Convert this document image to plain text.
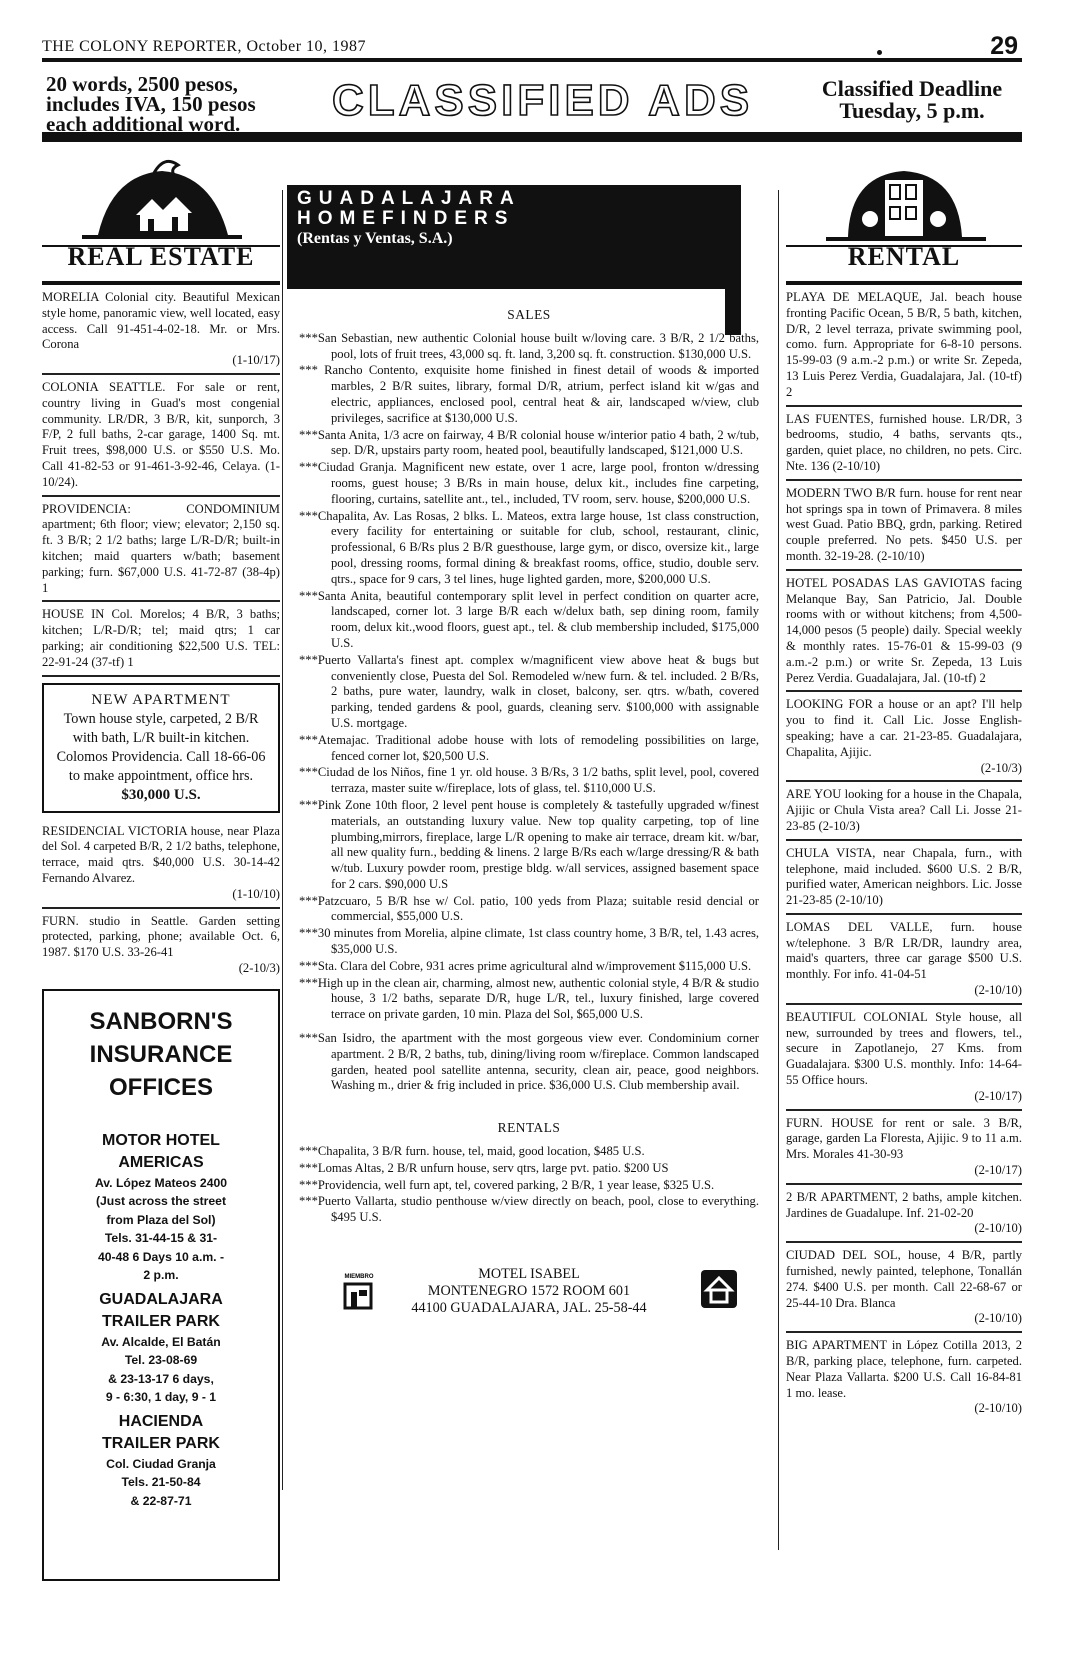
THE COLONY REPORTER, October 10, 1987	29
20 words, 2500 pesos,
includes IVA, 150 pesos
each additional word.	CLASSIFIED ADS	Classified Deadline
Tuesday, 5 p.m.
REAL ESTATE
MORELIA Colonial city. Beautiful Mexican style home, panoramic view, well located, easy access. Call 91-451-4-02-18. Mr. or Mrs. Corona
(1-10/17)
COLONIA SEATTLE. For sale or rent, country living in Guad's most congenial community. LR/DR, 3 B/R, kit, sunporch, 3 F/P, 2 full baths, 2-car garage, 1400 Sq. mt. Fruit trees, $98,000 U.S. or $550 U.S. Mo. Call 41-82-53 or 91-461-3-92-46, Celaya. (1-10/24).
PROVIDENCIA: CONDOMINIUM apartment; 6th floor; view; elevator; 2,150 sq. ft. 3 B/R; 2 1/2 baths; large L/R-D/R; built-in kitchen; maid quarters w/bath; basement parking; furn. $67,000 U.S. 41-72-87 (38-4p) 1
HOUSE IN Col. Morelos; 4 B/R, 3 baths; kitchen; L/R-D/R; tel; maid qtrs; 1 car parking; air conditioning $22,500 U.S. TEL: 22-91-24 (37-tf) 1
NEW APARTMENT
Town house style, carpeted, 2 B/R with bath, L/R built-in kitchen. Colomos Providencia. Call 18-66-06 to make appointment, office hrs.
$30,000 U.S.
RESIDENCIAL VICTORIA house, near Plaza del Sol. 4 carpeted B/R, 2 1/2 baths, telephone, terrace, maid qtrs. $40,000 U.S. 30-14-42 Fernando Alvarez.
(1-10/10)
FURN. studio in Seattle. Garden setting protected, parking, phone; available Oct. 6, 1987. $170 U.S. 33-26-41
(2-10/3)
SANBORN'S
INSURANCE
OFFICES
MOTOR HOTEL
AMERICAS
Av. López Mateos 2400
(Just across the street
from Plaza del Sol)
Tels. 31-44-15 & 31-
40-48 6 Days 10 a.m. -
2 p.m.
GUADALAJARA
TRAILER PARK
Av. Alcalde, El Batán
Tel. 23-08-69
& 23-13-17 6 days,
9 - 6:30, 1 day, 9 - 1
HACIENDA
TRAILER PARK
Col. Ciudad Granja
Tels. 21-50-84
& 22-87-71
GUADALAJARA
HOMEFINDERS
(Rentas y Ventas, S.A.)
SALES
***San Sebastian, new authentic Colonial house built w/loving care. 3 B/R, 2 1/2 baths, pool, lots of fruit trees, 43,000 sq. ft. land, 3,200 sq. ft. construction. $130,000 U.S.
*** Rancho Contento, exquisite home finished in finest detail of woods & imported marbles, 2 B/R suites, library, formal D/R, atrium, perfect island kit w/gas and electric, appliances, enclosed pool, central heat & air, landscaped w/view, club privileges, sacrifice at $130,000 U.S.
***Santa Anita, 1/3 acre on fairway, 4 B/R colonial house w/interior patio 4 bath, 2 w/tub, sep. D/R, upstairs party room, heated pool, beautifully landscaped, $121,000 U.S.
***Ciudad Granja. Magnificent new estate, over 1 acre, large pool, fronton w/dressing rooms, guest house; 3 B/Rs in main house, delux kit., includes fine carpeting, flooring, curtains, satellite ant., tel., included, TV room, serv. house, $200,000 U.S.
***Chapalita, Av. Las Rosas, 2 blks. L. Mateos, extra large house, 1st class construction, every facility for entertaining or suitable for club, school, restaurant, clinic, professional, 6 B/Rs plus 2 B/R guesthouse, large gym, or disco, oversize kit., large pool, dressing rooms, formal dining & breakfast rooms, office, studio, double serv. qtrs., space for 9 cars, 3 tel lines, huge lighted garden, more, $200,000 U.S.
***Santa Anita, beautiful contemporary split level in perfect condition on quarter acre, landscaped, corner lot. 3 large B/R each w/delux bath, sep dining room, family room, delux kit.,wood floors, guest apt., tel. & club membership included, $175,000 U.S.
***Puerto Vallarta's finest apt. complex w/magnificent view above heat & bugs but conveniently close, Puesta del Sol. Remodeled w/new furn. & tel. included. 2 B/Rs, 2 baths, pure water, laundry, walk in closet, balcony, ser. qtrs. w/bath, covered parking, tended gardens & pool, guards, cleaning serv. $100,000 with assignable U.S. mortgage.
***Atemajac. Traditional adobe house with lots of remodeling possibilities on large, fenced corner lot, $20,500 U.S.
***Ciudad de los Niños, fine 1 yr. old house. 3 B/Rs, 3 1/2 baths, split level, pool, covered terraza, master suite w/fireplace, lots of glass, tel. $110,000 U.S.
***Pink Zone 10th floor, 2 level pent house is completely & tastefully upgraded w/finest materials, an outstanding luxury value. New top quality carpeting, top of line plumbing,mirrors, fireplace, large L/R opening to make air terrace, dream kit. w/bar, all new quality furn., bedding & linens. 2 large B/Rs each w/large dressing/R & bath w/tub. Luxury powder room, prestige bldg. w/all services, assigned basement space for 2 cars. $90,000 U.S
***Patzcuaro, 5 B/R hse w/ Col. patio, 100 yeds from Plaza; suitable resid dencial or commercial, $55,000 U.S.
***30 minutes from Morelia, alpine climate, 1st class country home, 3 B/R, tel, 1.43 acres, $35,000 U.S.
***Sta. Clara del Cobre, 931 acres prime agricultural alnd w/improvement $115,000 U.S.
***High up in the clean air, charming, almost new, authentic colonial style, 4 B/R & studio house, 3 1/2 baths, separate D/R, huge L/R, tel., luxury finished, large covered terrace on private garden, 10 min. Plaza del Sol, $65,000 U.S.
***San Isidro, the apartment with the most gorgeous view ever. Condominium corner apartment. 2 B/R, 2 baths, tub, dining/living room w/fireplace. Common landscaped garden, heated pool satellite antenna, security, clean air, peace, good neighbors. Washing m., drier & frig included in price. $36,000 U.S. Club membership avail.
RENTALS
***Chapalita, 3 B/R furn. house, tel, maid, good location, $485 U.S.
***Lomas Altas, 2 B/R unfurn house, serv qtrs, large pvt. patio. $200 US
***Providencia, well furn apt, tel, covered parking, 2 B/R, 1 year lease, $325 U.S.
***Puerto Vallarta, studio penthouse w/view directly on beach, pool, close to everything. $495 U.S.
MIEMBRO	MOTEL ISABEL
MONTENEGRO 1572 ROOM 601
44100 GUADALAJARA, JAL. 25-58-44
RENTAL
PLAYA DE MELAQUE, Jal. beach house fronting Pacific Ocean, 5 B/R, 5 bath, kitchen, D/R, 2 level terraza, private swimming pool, como. furn. Appropriate for 6-8-10 persons. 15-99-03 (9 a.m.-2 p.m.) or write Sr. Zepeda, 13 Luis Perez Verdia, Guadalajara, Jal. (10-tf) 2
LAS FUENTES, furnished house. LR/DR, 3 bedrooms, studio, 4 baths, servants qts., garden, quiet place, no children, no pets. Circ. Nte. 136 (2-10/10)
MODERN TWO B/R furn. house for rent near hot springs spa in town of Primavera. 8 miles west Guad. Patio BBQ, grdn, parking. Retired couple preferred. No pets. $450 U.S. per month. 32-19-28. (2-10/10)
HOTEL POSADAS LAS GAVIOTAS facing Melanque Bay, San Patricio, Jal. Double rooms with or without kitchens; from 4,500-14,000 pesos (5 people) daily. Special weekly & monthly rates. 15-76-01 & 15-99-03 (9 a.m.-2 p.m.) or write Sr. Zepeda, 13 Luis Perez Verdia. Guadalajara, Jal. (10-tf) 2
LOOKING FOR a house or an apt? I'll help you to find it. Call Lic. Josse English-speaking; have a car. 21-23-85. Guadalajara, Chapalita, Ajijic.
(2-10/3)
ARE YOU looking for a house in the Chapala, Ajijic or Chula Vista area? Call Li. Josse 21-23-85 (2-10/3)
CHULA VISTA, near Chapala, furn., with telephone, maid included. $600 U.S. 2 B/R, purified water, American neighbors. Lic. Josse 21-23-85 (2-10/10)
LOMAS DEL VALLE, furn. house w/telephone. 3 B/R LR/DR, laundry area, maid's quarters, three car garage $500 U.S. monthly. For info. 41-04-51
(2-10/10)
BEAUTIFUL COLONIAL Style house, all new, surrounded by trees and flowers, tel., secure in Zapotlanejo, 27 Kms. from Guadalajara. $300 U.S. monthly. Info: 14-64-55 Office hours.
(2-10/17)
FURN. HOUSE for rent or sale. 3 B/R, garage, garden La Floresta, Ajijic. 9 to 11 a.m. Mrs. Morales 41-30-93
(2-10/17)
2 B/R APARTMENT, 2 baths, ample kitchen. Jardines de Guadalupe. Inf. 21-02-20
(2-10/10)
CIUDAD DEL SOL, house, 4 B/R, partly furnished, newly painted, telephone, Tonallán 274. $400 U.S. per month. Call 22-68-67 or 25-44-10 Dra. Blanca
(2-10/10)
BIG APARTMENT in López Cotilla 2013, 2 B/R, parking place, telephone, furn. carpeted. Near Plaza Vallarta. $200 U.S. Call 16-84-81 1 mo. lease.
(2-10/10)
